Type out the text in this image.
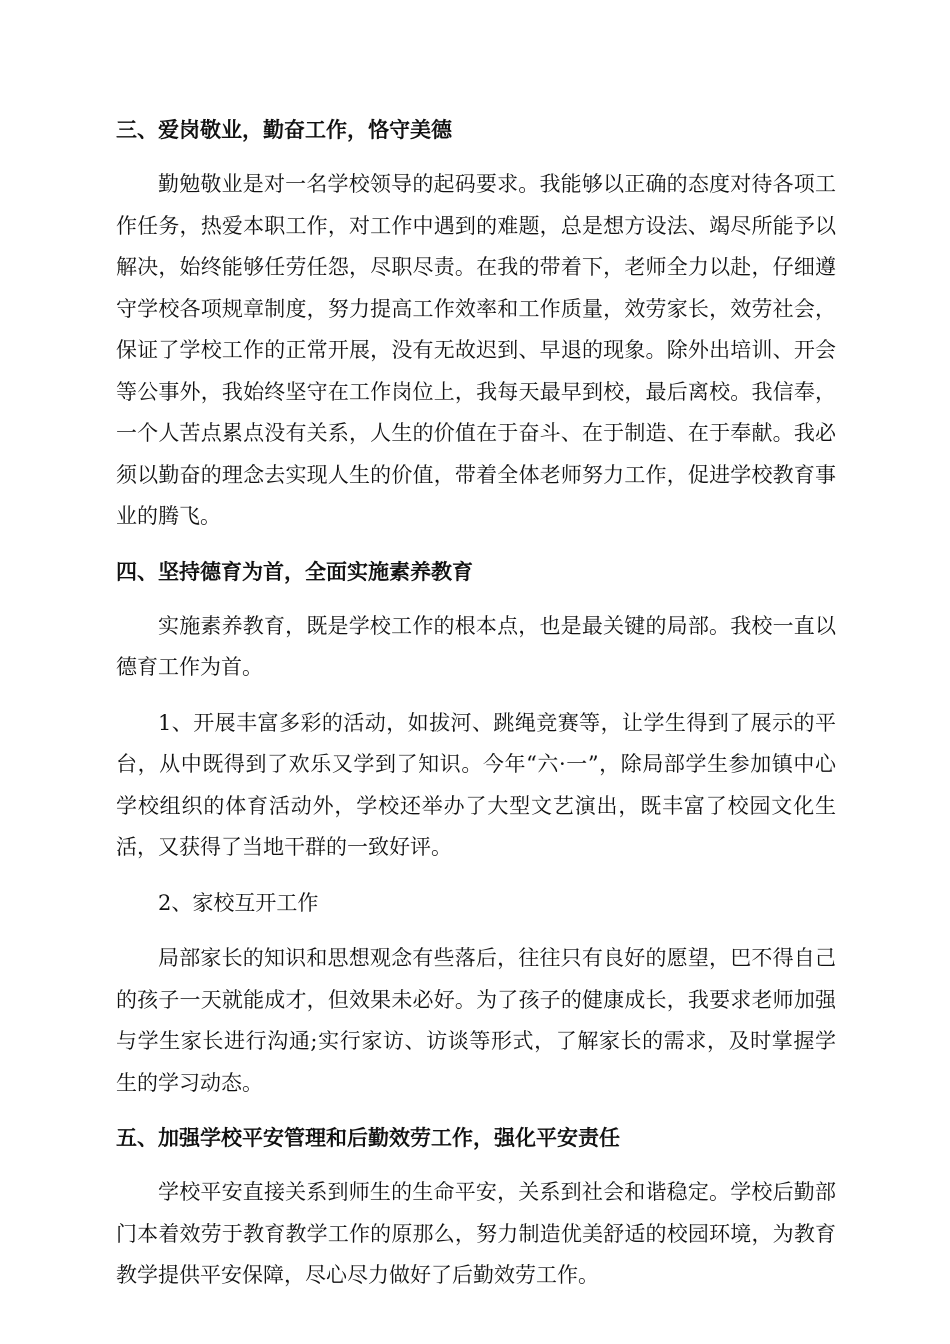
三、爱岗敬业，勤奋工作，恪守美德

勤勉敬业是对一名学校领导的起码要求。我能够以正确的态度对待各项工作任务，热爱本职工作，对工作中遇到的难题，总是想方设法、竭尽所能予以解决，始终能够任劳任怨，尽职尽责。在我的带着下，老师全力以赴，仔细遵守学校各项规章制度，努力提高工作效率和工作质量，效劳家长，效劳社会，保证了学校工作的正常开展，没有无故迟到、早退的现象。除外出培训、开会等公事外，我始终坚守在工作岗位上，我每天最早到校，最后离校。我信奉，一个人苦点累点没有关系，人生的价值在于奋斗、在于制造、在于奉献。我必须以勤奋的理念去实现人生的价值，带着全体老师努力工作，促进学校教育事业的腾飞。

四、坚持德育为首，全面实施素养教育

实施素养教育，既是学校工作的根本点，也是最关键的局部。我校一直以德育工作为首。

1、开展丰富多彩的活动，如拔河、跳绳竞赛等，让学生得到了展示的平台，从中既得到了欢乐又学到了知识。今年“六·一”，除局部学生参加镇中心学校组织的体育活动外，学校还举办了大型文艺演出，既丰富了校园文化生活，又获得了当地干群的一致好评。

2、家校互开工作

局部家长的知识和思想观念有些落后，往往只有良好的愿望，巴不得自己的孩子一天就能成才，但效果未必好。为了孩子的健康成长，我要求老师加强与学生家长进行沟通;实行家访、访谈等形式，了解家长的需求，及时掌握学生的学习动态。

五、加强学校平安管理和后勤效劳工作，强化平安责任

学校平安直接关系到师生的生命平安，关系到社会和谐稳定。学校后勤部门本着效劳于教育教学工作的原那么，努力制造优美舒适的校园环境，为教育教学提供平安保障，尽心尽力做好了后勤效劳工作。
